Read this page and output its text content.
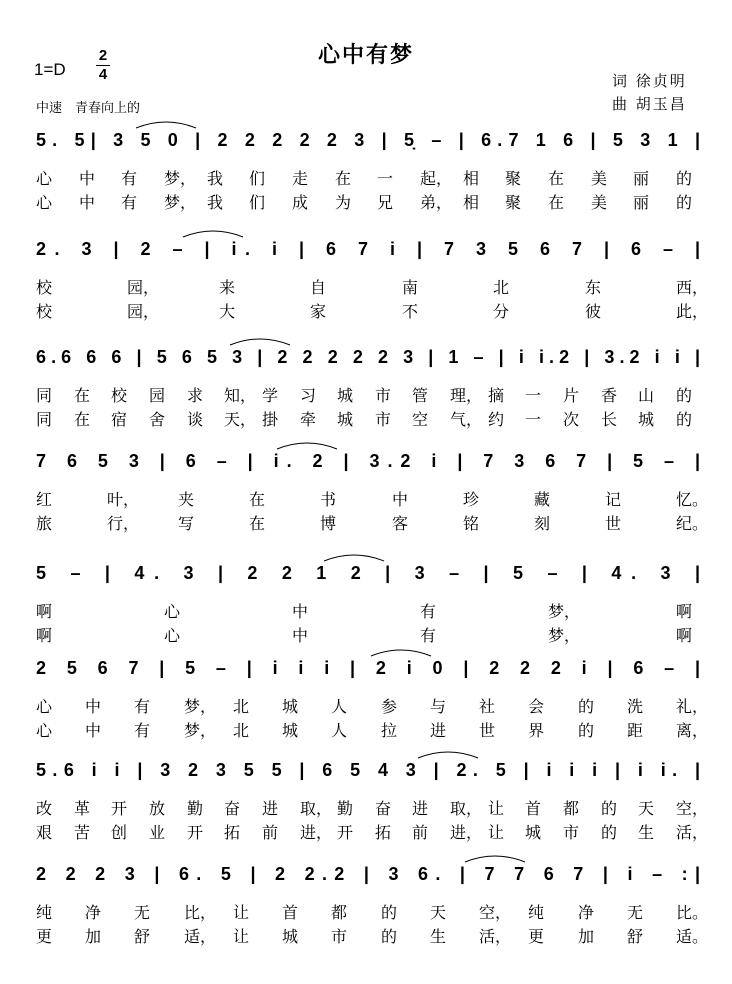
心中有梦
1=D
2
4
中速　青春向上的
词 徐贞明
曲 胡玉昌
5. 5| 3 5 0 | 2 2 2 2 2 3 | 5̣ – | 6.7 1 6 | 5 3 1 |
心 中 有 梦， 我 们 走 在 一 起， 相 聚 在 美 丽 的
心 中 有 梦， 我 们 成 为 兄 弟， 相 聚 在 美 丽 的
2. 3 | 2 – | i. i | 6 7 i | 7 3 5 6 7 | 6 – |
校	园，	来	自	南	北	东	西，
校	园，	大	家	不	分	彼	此，
6.6 6 6 | 5 6 5 3 | 2 2 2 2 2 3 | 1 – | i i.2 | 3.2 i i |
同 在 校 园 求 知， 学 习 城 市 管 理， 摘 一 片 香 山 的
同 在 宿 舍 谈 天， 掛 牵 城 市 空 气， 约 一 次 长 城 的
7 6 5 3 | 6 – | i. 2 | 3.2 i | 7 3 6 7 | 5 – |
红	叶， 夹	在	书	中	珍	藏	记	忆。
旅	行， 写	在	博	客	铭	刻	世	纪。
5 – | 4. 3 | 2 2 1 2 | 3 – | 5 – | 4. 3 |
啊	心	中	有	梦，	啊
啊	心	中	有	梦，	啊
2 5 6 7 | 5 – | i i i | 2 i 0 | 2 2 2 i | 6 – |
心 中 有 梦， 北 城 人 参 与 社 会 的 洗 礼，
心 中 有 梦， 北 城 人 拉 进 世 界 的 距 离，
5.6 i i | 3 2 3 5 5 | 6 5 4 3 | 2. 5 | i i i | i i. |
改 革 开 放 勤 奋 进 取， 勤 奋 进 取， 让 首 都 的 天 空，
艰 苦 创 业 开 拓 前 进， 开 拓 前 进， 让 城 市 的 生 活，
2 2 2 3 | 6. 5 | 2 2.2 | 3 6. | 7 7 6 7 | i – :|
纯 净 无 比， 让 首 都 的 天 空， 纯 净 无 比。
更 加 舒 适， 让 城 市 的 生 活， 更 加 舒 适。
